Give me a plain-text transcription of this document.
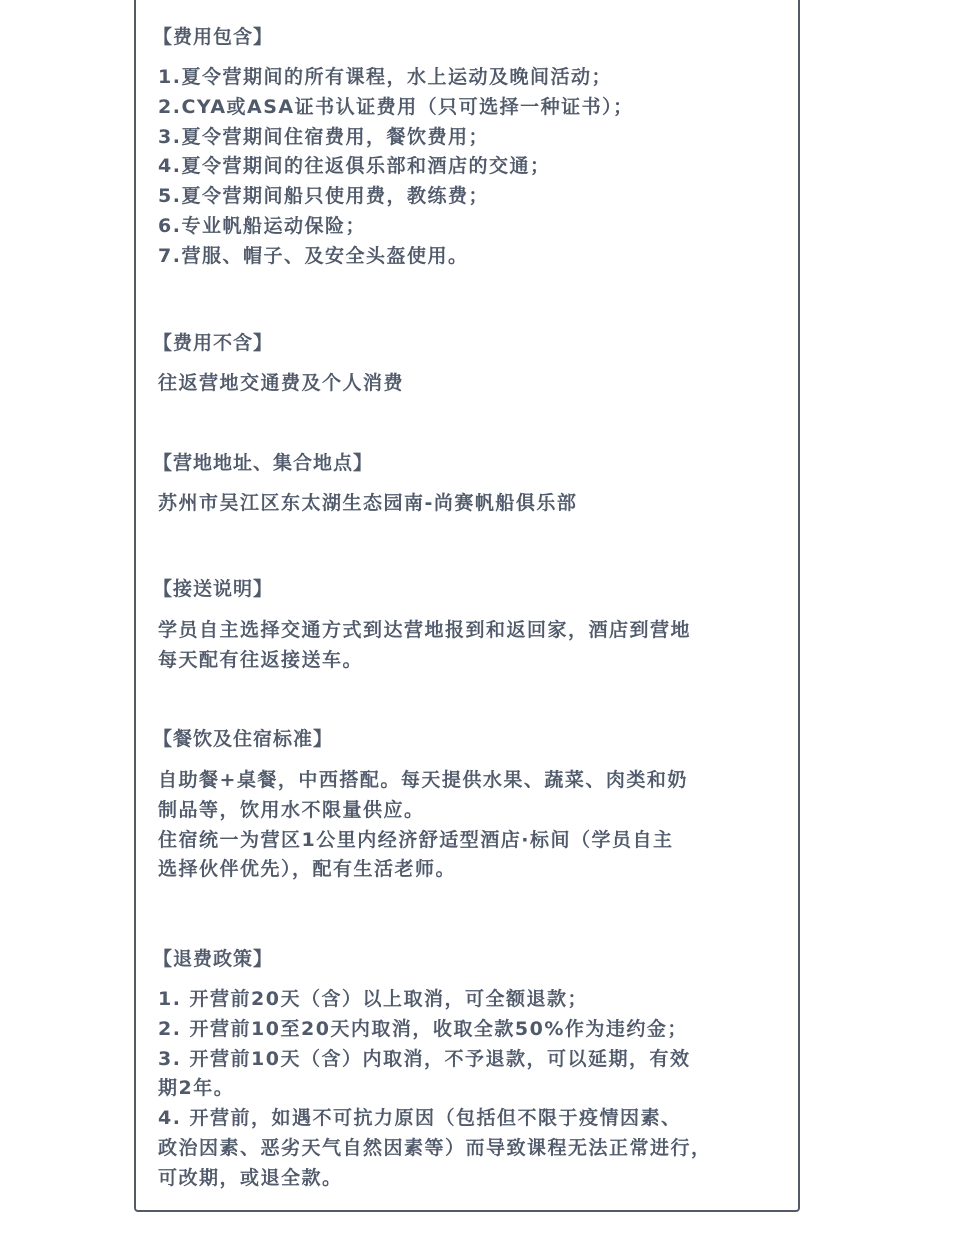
【费用包含】
1.夏令营期间的所有课程，水上运动及晚间活动；
2.CYA或ASA证书认证费用（只可选择一种证书）；
3.夏令营期间住宿费用，餐饮费用；
4.夏令营期间的往返俱乐部和酒店的交通；
5.夏令营期间船只使用费，教练费；
6.专业帆船运动保险；
7.营服、帽子、及安全头盔使用。
【费用不含】

往返营地交通费及个人消费

【营地地址、集合地点】

苏州市吴江区东太湖生态园南-尚赛帆船俱乐部

【接送说明】

学员自主选择交通方式到达营地报到和返回家，酒店到营地

每天配有往返接送车。

【餐饮及住宿标准】

自助餐+桌餐，中西搭配。每天提供水果、蔬菜、肉类和奶

制品等，饮用水不限量供应。

住宿统一为营区1公里内经济舒适型酒店·标间（学员自主

选择伙伴优先），配有生活老师。

【退费政策】

1. 开营前20天（含）以上取消，可全额退款；

2. 开营前10至20天内取消，收取全款50%作为违约金；

3. 开营前10天（含）内取消，不予退款，可以延期，有效

期2年。

4. 开营前，如遇不可抗力原因（包括但不限于疫情因素、

政治因素、恶劣天气自然因素等）而导致课程无法正常进行，

可改期，或退全款。
